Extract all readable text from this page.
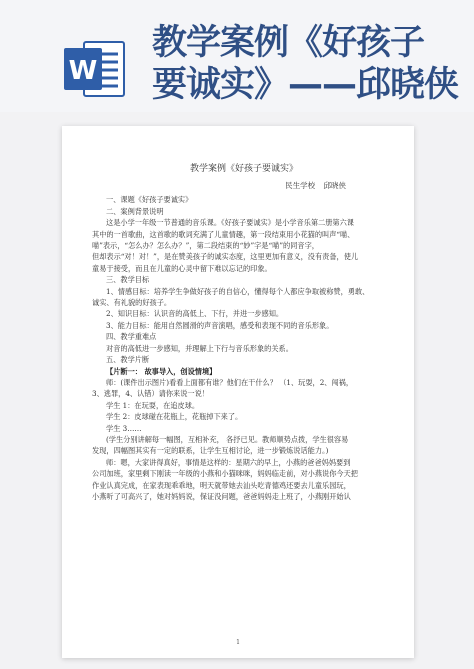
W
教学案例《好孩子
要诚实》——邱晓侠
教学案例《好孩子要诚实》
民生学校 邱晓侠
一、课题《好孩子要诚实》
二、案例背景说明
这是小学一年级一节普通的音乐课。《好孩子要诚实》是小学音乐第二册第六课
其中的一首歌曲，这首歌的歌词充满了儿童情趣，第一段结束用小花猫的叫声“喵、
喵”表示，“怎么办？怎么办？”，第二段结束的“妙”字是“喵”的同音字，
但却表示“对！对！”，是在赞美孩子的诚实态度，这里更加有意义，没有责备，使儿
童易于接受，而且在儿童的心灵中留下难以忘记的印象。
三、教学目标
1、情感目标：培养学生争做好孩子的自信心，懂得每个人都应争取被称赞，勇敢、
诚实、有礼貌的好孩子。
2、知识目标：认识音的高低上、下行，并进一步感知。
3、能力目标：能用自然圆滑的声音演唱，感受和表现不同的音乐形象。
四、教学重难点
对音的高低进一步感知，并理解上下行与音乐形象的关系。
五、教学片断
【片断一： 故事导入，创设情境】
师：(课件出示图片)看看上面都有谁？他们在干什么？ （1、玩耍，2、闯祸，
3、逃罪，4、认错）请你来说一说！
学生 1：在玩耍，在追皮球。
学生 2：皮球碰在花瓶上，花瓶掉下来了。
学生 3……
(学生分别讲解每一幅图，互相补充， 各抒已见。教师顺势点拨，学生很容易
发现，四幅图其实有一定的联系，让学生互相讨论，进一步锻炼说话能力。)
师：嗯，大家讲得真好，事情是这样的：星期六的早上，小燕的爸爸妈妈要到
公司加班，家里剩下刚读一年级的小燕和小猫咪咪，妈妈临走前，对小燕说你今天把
作业认真完成，在家表现乖乖地，明天就带她去汕头吃青德鸡还要去儿童乐园玩，
小燕听了可高兴了，她对妈妈说，保证没问题，爸爸妈妈走上班了，小燕刚开始认
1
